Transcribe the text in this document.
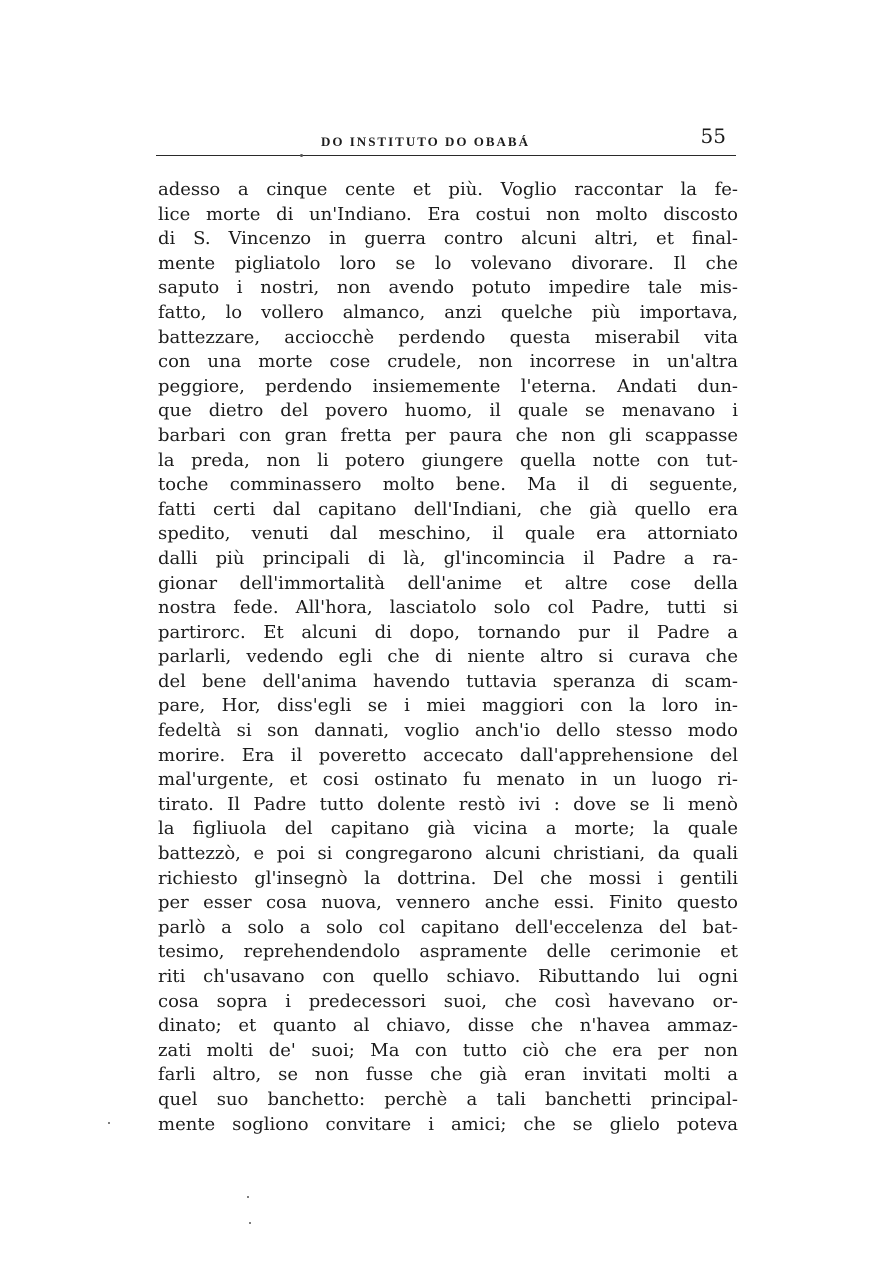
DO INSTITUTO DO OBABÁ	55
adesso a cinque cente et più. Voglio raccontar la fe-
lice morte di un'Indiano. Era costui non molto discosto
di S. Vincenzo in guerra contro alcuni altri, et final-
mente pigliatolo loro se lo volevano divorare. Il che
saputo i nostri, non avendo potuto impedire tale mis-
fatto, lo vollero almanco, anzi quelche più importava,
battezzare, acciocchè perdendo questa miserabil vita
con una morte cose crudele, non incorrese in un'altra
peggiore, perdendo insiememente l'eterna. Andati dun-
que dietro del povero huomo, il quale se menavano i
barbari con gran fretta per paura che non gli scappasse
la preda, non li potero giungere quella notte con tut-
toche comminassero molto bene. Ma il di seguente,
fatti certi dal capitano dell'Indiani, che già quello era
spedito, venuti dal meschino, il quale era attorniato
dalli più principali di là, gl'incomincia il Padre a ra-
gionar dell'immortalità dell'anime et altre cose della
nostra fede. All'hora, lasciatolo solo col Padre, tutti si
partirorc. Et alcuni di dopo, tornando pur il Padre a
parlarli, vedendo egli che di niente altro si curava che
del bene dell'anima havendo tuttavia speranza di scam-
pare, Hor, diss'egli se i miei maggiori con la loro in-
fedeltà si son dannati, voglio anch'io dello stesso modo
morire. Era il poveretto accecato dall'apprehensione del
mal'urgente, et cosi ostinato fu menato in un luogo ri-
tirato. Il Padre tutto dolente restò ivi : dove se li menò
la figliuola del capitano già vicina a morte; la quale
battezzò, e poi si congregarono alcuni christiani, da quali
richiesto gl'insegnò la dottrina. Del che mossi i gentili
per esser cosa nuova, vennero anche essi. Finito questo
parlò a solo a solo col capitano dell'eccelenza del bat-
tesimo, reprehendendolo aspramente delle cerimonie et
riti ch'usavano con quello schiavo. Ributtando lui ogni
cosa sopra i predecessori suoi, che così havevano or-
dinato; et quanto al chiavo, disse che n'havea ammaz-
zati molti de' suoi; Ma con tutto ciò che era per non
farli altro, se non fusse che già eran invitati molti a
quel suo banchetto: perchè a tali banchetti principal-
mente sogliono convitare i amici; che se glielo poteva
